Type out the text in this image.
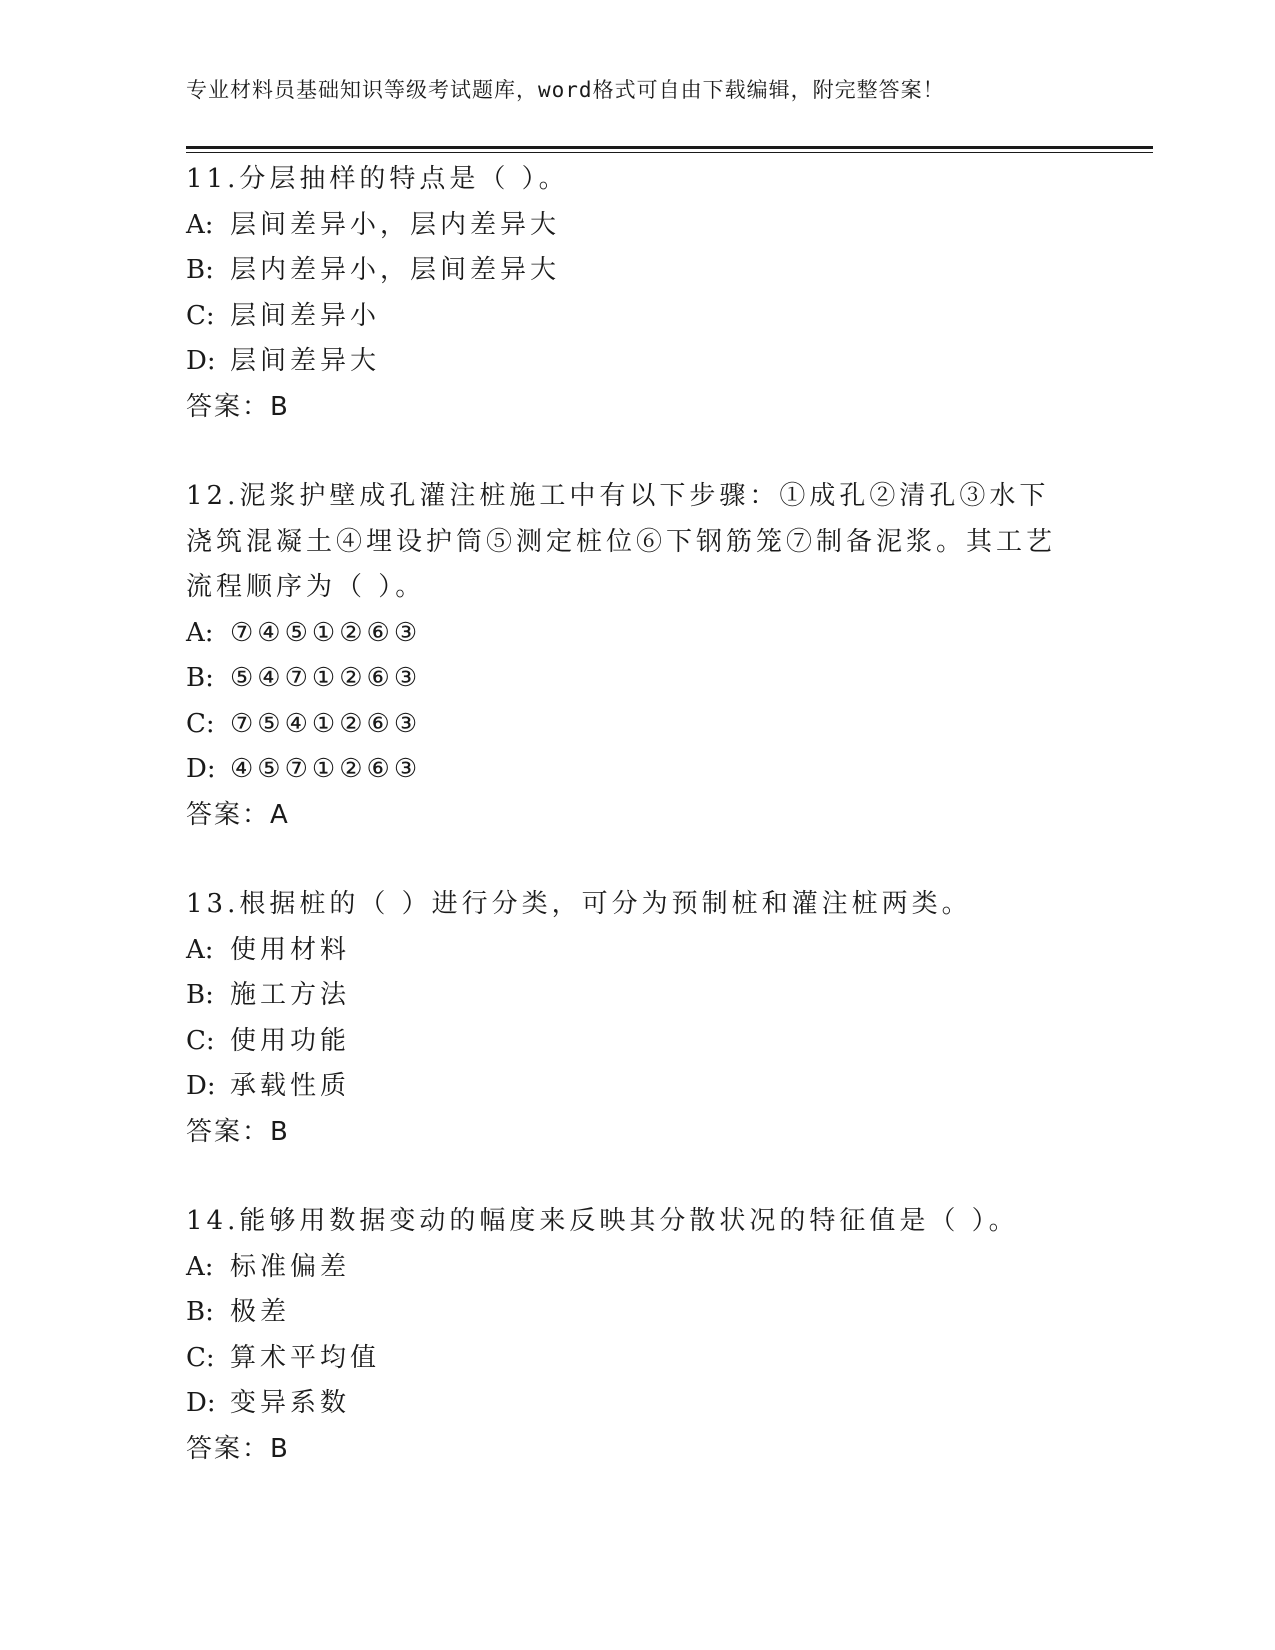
专业材料员基础知识等级考试题库，word格式可自由下载编辑，附完整答案！

11.分层抽样的特点是（ ）。

A: 层间差异小，层内差异大

B: 层内差异小，层间差异大

C: 层间差异小

D: 层间差异大

答案：B

12.泥浆护壁成孔灌注桩施工中有以下步骤：①成孔②清孔③水下浇筑混凝土④埋设护筒⑤测定桩位⑥下钢筋笼⑦制备泥浆。其工艺流程顺序为（ ）。

A: ⑦④⑤①②⑥③

B: ⑤④⑦①②⑥③

C: ⑦⑤④①②⑥③

D: ④⑤⑦①②⑥③

答案：A

13.根据桩的（ ）进行分类，可分为预制桩和灌注桩两类。

A: 使用材料

B: 施工方法

C: 使用功能

D: 承载性质

答案：B

14.能够用数据变动的幅度来反映其分散状况的特征值是（ ）。

A: 标准偏差

B: 极差

C: 算术平均值

D: 变异系数

答案：B
